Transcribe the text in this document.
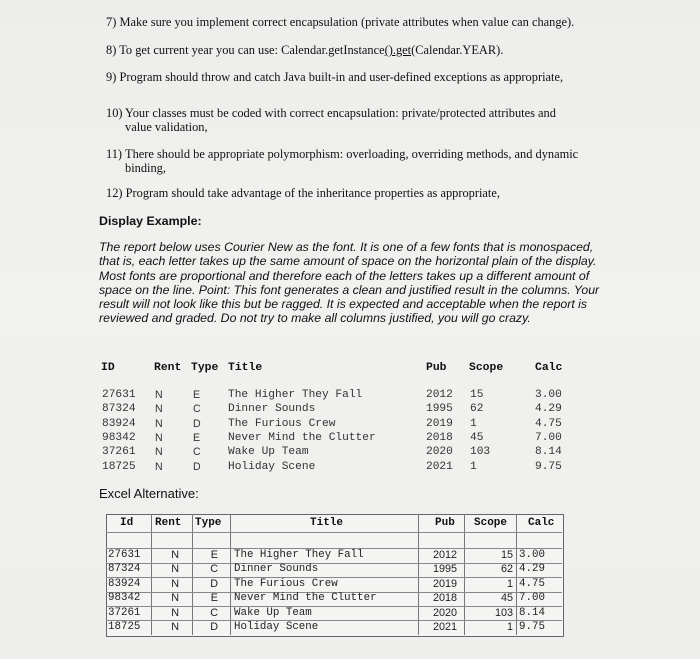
7) Make sure you implement correct encapsulation (private attributes when value can change).
8) To get current year you can use: Calendar.getInstance().get(Calendar.YEAR).
9) Program should throw and catch Java built-in and user-defined exceptions as appropriate,
10) Your classes must be coded with correct encapsulation: private/protected attributes and value validation,
11) There should be appropriate polymorphism: overloading, overriding methods, and dynamic binding,
12) Program should take advantage of the inheritance properties as appropriate,
Display Example:
The report below uses Courier New as the font. It is one of a few fonts that is monospaced, that is, each letter takes up the same amount of space on the horizontal plain of the display. Most fonts are proportional and therefore each of the letters takes up a different amount of space on the line. Point: This font generates a clean and justified result in the columns. Your result will not look like this but be ragged. It is expected and acceptable when the report is reviewed and graded. Do not try to make all columns justified, you will go crazy.
ID	Rent Type Title	Pub Scope	Calc
27631 N	E The Higher They Fall	2012 15	3.00
87324 N	C Dinner Sounds	1995 62	4.29
83924 N	D The Furious Crew	2019 1	4.75
98342 N	E Never Mind the Clutter	2018 45	7.00
37261 N	C Wake Up Team	2020 103	8.14
18725 N	D Holiday Scene	2021 1	9.75
Excel Alternative:
Id Rent Type	Title	Pub Scope Calc
27631	N	E The Higher They Fall	2012	15 3.00
87324	N	C Dinner Sounds	1995	62 4.29
83924	N	D The Furious Crew	2019	1 4.75
98342	N	E Never Mind the Clutter	2018	45 7.00
37261	N	C Wake Up Team	2020	103 8.14
18725	N	D Holiday Scene	2021	1 9.75
